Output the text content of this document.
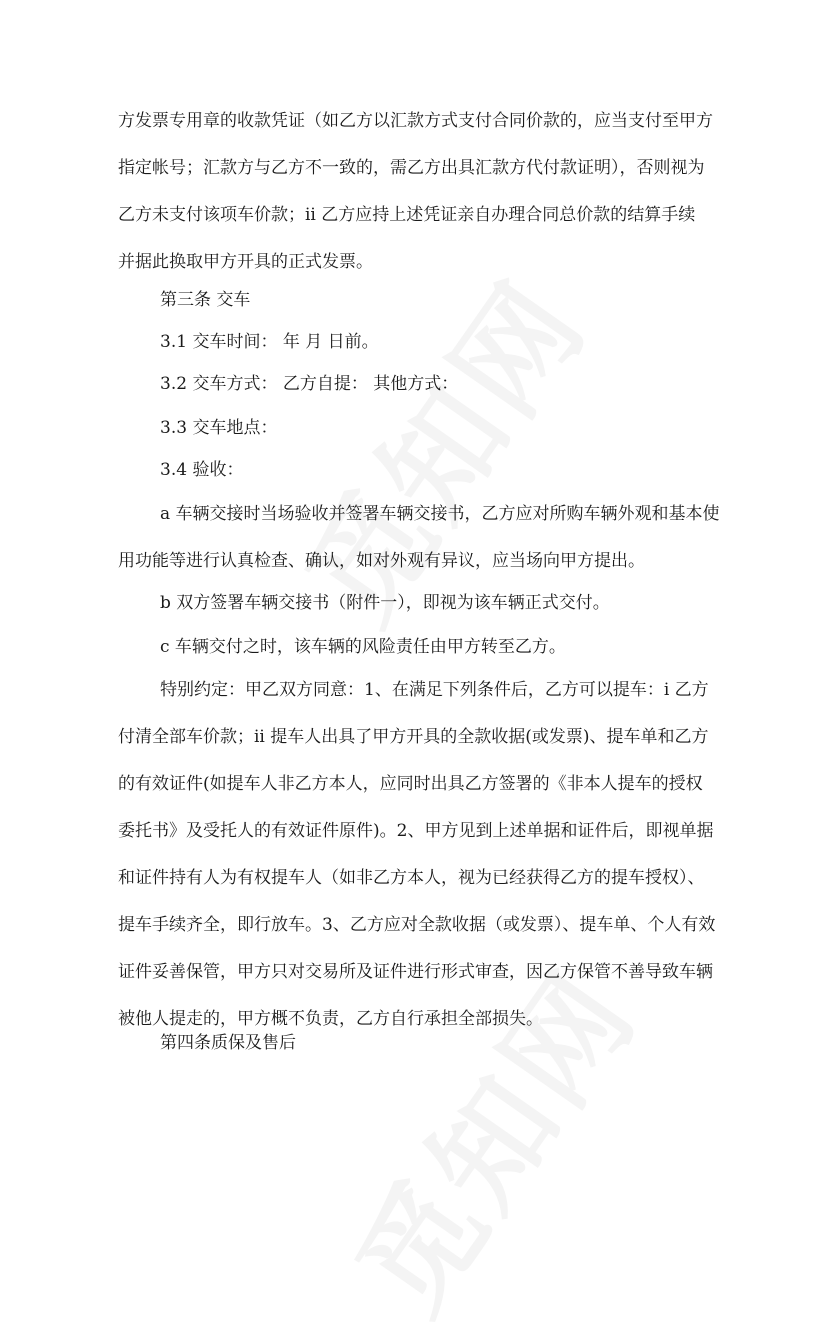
方发票专用章的收款凭证（如乙方以汇款方式支付合同价款的，应当支付至甲方
指定帐号；汇款方与乙方不一致的，需乙方出具汇款方代付款证明），否则视为
乙方未支付该项车价款；ii 乙方应持上述凭证亲自办理合同总价款的结算手续
并据此换取甲方开具的正式发票。
第三条 交车
3.1 交车时间： 年 月 日前。
3.2 交车方式： 乙方自提： 其他方式：
3.3 交车地点：
3.4 验收：
a 车辆交接时当场验收并签署车辆交接书，乙方应对所购车辆外观和基本使
用功能等进行认真检查、确认，如对外观有异议，应当场向甲方提出。
b 双方签署车辆交接书（附件一），即视为该车辆正式交付。
c 车辆交付之时，该车辆的风险责任由甲方转至乙方。
特别约定：甲乙双方同意：1、在满足下列条件后，乙方可以提车：i 乙方
付清全部车价款；ii 提车人出具了甲方开具的全款收据(或发票)、提车单和乙方
的有效证件(如提车人非乙方本人，应同时出具乙方签署的《非本人提车的授权
委托书》及受托人的有效证件原件)。2、甲方见到上述单据和证件后，即视单据
和证件持有人为有权提车人（如非乙方本人，视为已经获得乙方的提车授权）、
提车手续齐全，即行放车。3、乙方应对全款收据（或发票）、提车单、个人有效
证件妥善保管，甲方只对交易所及证件进行形式审查，因乙方保管不善导致车辆
被他人提走的，甲方概不负责，乙方自行承担全部损失。
第四条质保及售后
